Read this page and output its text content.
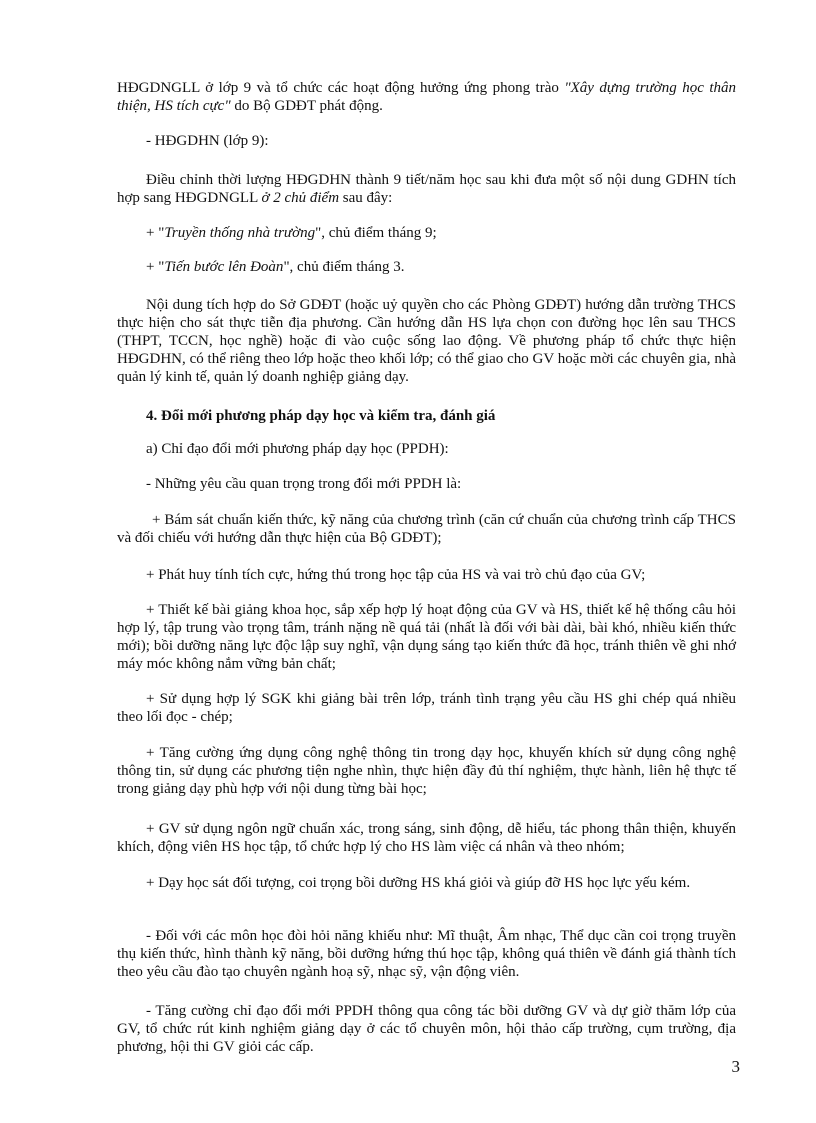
HĐGDNGLL ở lớp 9 và tổ chức các hoạt động hưởng ứng phong trào "Xây dựng trường học thân thiện, HS tích cực" do Bộ GDĐT phát động.

- HĐGDHN (lớp 9):

Điều chỉnh thời lượng HĐGDHN thành 9 tiết/năm học sau khi đưa một số nội dung GDHN tích hợp sang HĐGDNGLL ở 2 chủ điểm sau đây:

+ "Truyền thống nhà trường", chủ điểm tháng 9;

+ "Tiến bước lên Đoàn", chủ điểm tháng 3.

Nội dung tích hợp do Sở GDĐT (hoặc uỷ quyền cho các Phòng GDĐT) hướng dẫn trường THCS thực hiện cho sát thực tiễn địa phương. Cần hướng dẫn HS lựa chọn con đường học lên sau THCS (THPT, TCCN, học nghề) hoặc đi vào cuộc sống lao động. Về phương pháp tổ chức thực hiện HĐGDHN, có thể riêng theo lớp hoặc theo khối lớp; có thể giao cho GV hoặc mời các chuyên gia, nhà quản lý kinh tế, quản lý doanh nghiệp giảng dạy.

4. Đổi mới phương pháp dạy học và kiểm tra, đánh giá

a) Chỉ đạo đổi mới phương pháp dạy học (PPDH):

- Những yêu cầu quan trọng trong đổi mới PPDH là:

+ Bám sát chuẩn kiến thức, kỹ năng của chương trình (căn cứ chuẩn của chương trình cấp THCS và đối chiếu với hướng dẫn thực hiện của Bộ GDĐT);

+ Phát huy tính tích cực, hứng thú trong học tập của HS và vai trò chủ đạo của GV;

+ Thiết kế bài giảng khoa học, sắp xếp hợp lý hoạt động của GV và HS, thiết kế hệ thống câu hỏi hợp lý, tập trung vào trọng tâm, tránh nặng nề quá tải (nhất là đối với bài dài, bài khó, nhiều kiến thức mới); bồi dưỡng năng lực độc lập suy nghĩ, vận dụng sáng tạo kiến thức đã học, tránh thiên về ghi nhớ máy móc không nắm vững bản chất;

+ Sử dụng hợp lý SGK khi giảng bài trên lớp, tránh tình trạng yêu cầu HS ghi chép quá nhiều theo lối đọc - chép;

+ Tăng cường ứng dụng công nghệ thông tin trong dạy học, khuyến khích sử dụng công nghệ thông tin, sử dụng các phương tiện nghe nhìn, thực hiện đầy đủ thí nghiệm, thực hành, liên hệ thực tế trong giảng dạy phù hợp với nội dung từng bài học;

+ GV sử dụng ngôn ngữ chuẩn xác, trong sáng, sinh động, dễ hiểu, tác phong thân thiện, khuyến khích, động viên HS học tập, tổ chức hợp lý cho HS làm việc cá nhân và theo nhóm;

+ Dạy học sát đối tượng, coi trọng bồi dưỡng HS khá giỏi và giúp đỡ HS học lực yếu kém.

- Đối với các môn học đòi hỏi năng khiếu như: Mĩ thuật, Âm nhạc, Thể dục cần coi trọng truyền thụ kiến thức, hình thành kỹ năng, bồi dưỡng hứng thú học tập, không quá thiên về đánh giá thành tích theo yêu cầu đào tạo chuyên ngành hoạ sỹ, nhạc sỹ, vận động viên.

- Tăng cường chỉ đạo đổi mới PPDH thông qua công tác bồi dưỡng GV và dự giờ thăm lớp của GV, tổ chức rút kinh nghiệm giảng dạy ở các tổ chuyên môn, hội thảo cấp trường, cụm trường, địa phương, hội thi GV giỏi các cấp.

3
